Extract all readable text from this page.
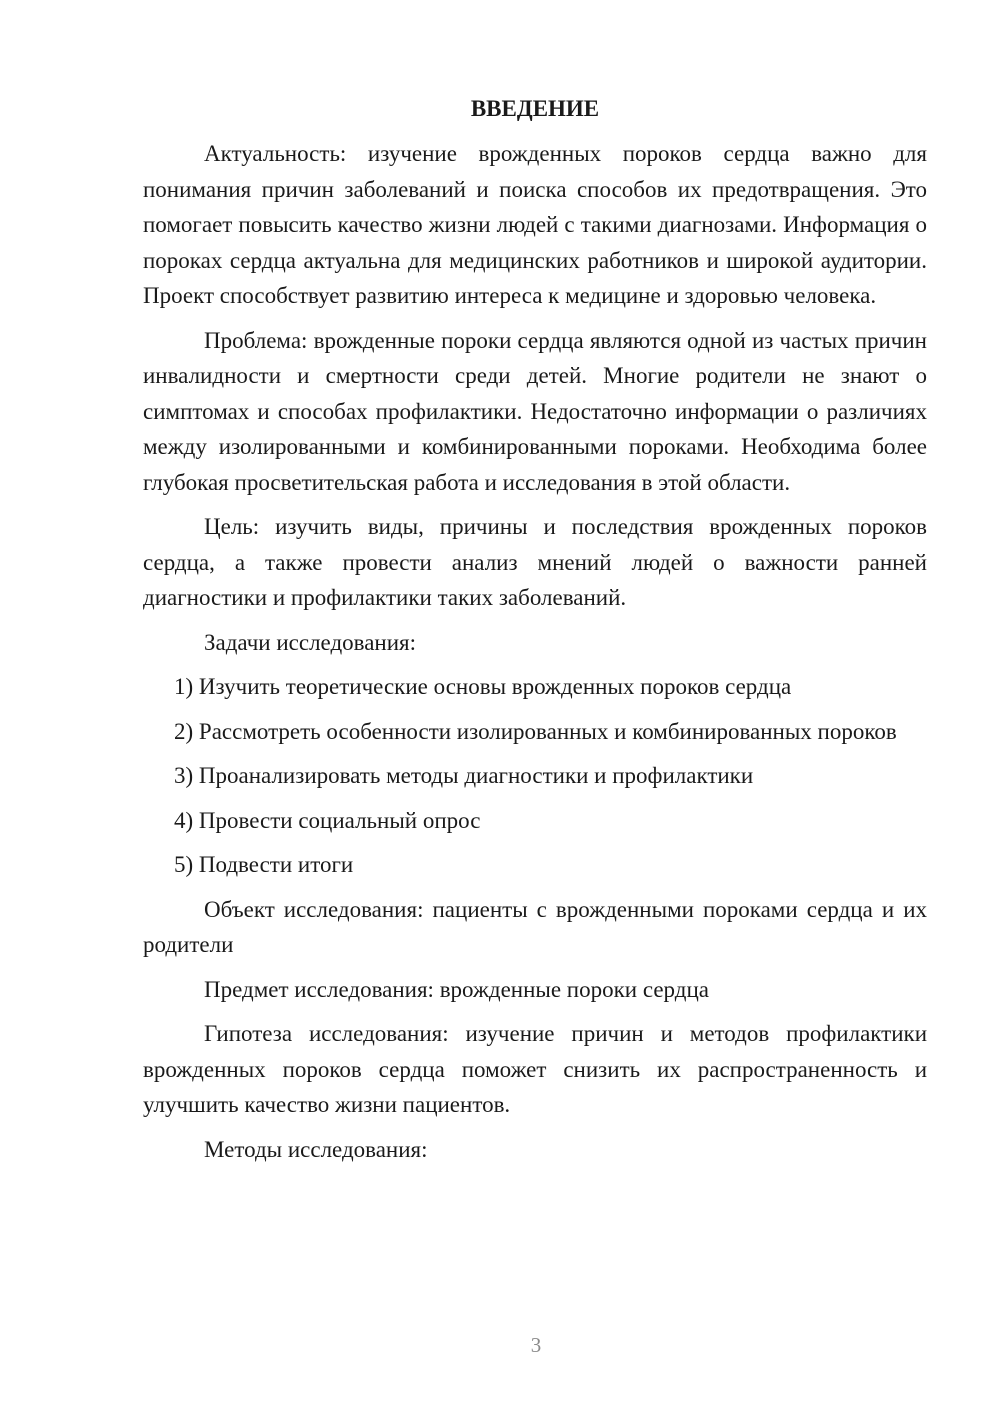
ВВЕДЕНИЕ

Актуальность: изучение врожденных пороков сердца важно для понимания причин заболеваний и поиска способов их предотвращения. Это помогает повысить качество жизни людей с такими диагнозами. Информация о пороках сердца актуальна для медицинских работников и широкой аудитории. Проект способствует развитию интереса к медицине и здоровью человека.

Проблема: врожденные пороки сердца являются одной из частых причин инвалидности и смертности среди детей. Многие родители не знают о симптомах и способах профилактики. Недостаточно информации о различиях между изолированными и комбинированными пороками. Необходима более глубокая просветительская работа и исследования в этой области.

Цель: изучить виды, причины и последствия врожденных пороков сердца, а также провести анализ мнений людей о важности ранней диагностики и профилактики таких заболеваний.

Задачи исследования:

1) Изучить теоретические основы врожденных пороков сердца

2) Рассмотреть особенности изолированных и комбинированных пороков

3) Проанализировать методы диагностики и профилактики

4) Провести социальный опрос

5) Подвести итоги

Объект исследования: пациенты с врожденными пороками сердца и их родители

Предмет исследования: врожденные пороки сердца

Гипотеза исследования: изучение причин и методов профилактики врожденных пороков сердца поможет снизить их распространенность и улучшить качество жизни пациентов.

Методы исследования:

3
